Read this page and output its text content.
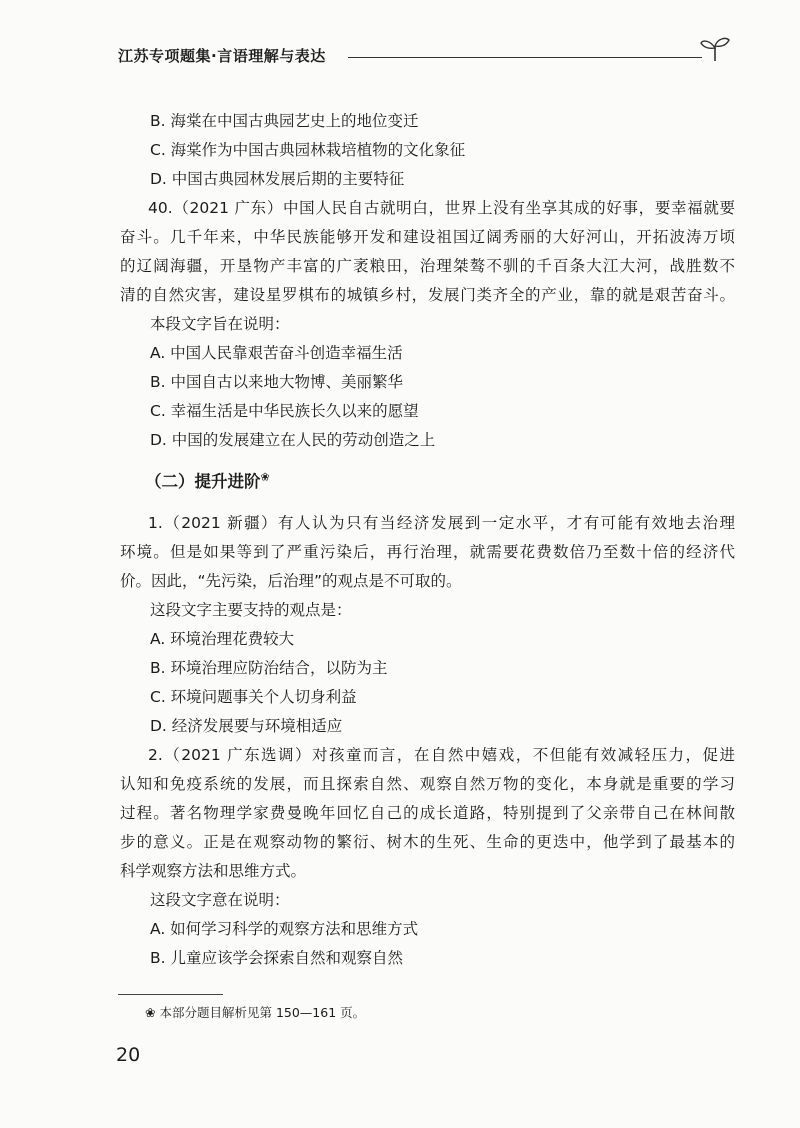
江苏专项题集·言语理解与表达
B. 海棠在中国古典园艺史上的地位变迁
C. 海棠作为中国古典园林栽培植物的文化象征
D. 中国古典园林发展后期的主要特征
40.（2021 广东）中国人民自古就明白，世界上没有坐享其成的好事，要幸福就要
奋斗。几千年来，中华民族能够开发和建设祖国辽阔秀丽的大好河山，开拓波涛万顷
的辽阔海疆，开垦物产丰富的广袤粮田，治理桀骜不驯的千百条大江大河，战胜数不
清的自然灾害，建设星罗棋布的城镇乡村，发展门类齐全的产业，靠的就是艰苦奋斗。
本段文字旨在说明：
A. 中国人民靠艰苦奋斗创造幸福生活
B. 中国自古以来地大物博、美丽繁华
C. 幸福生活是中华民族长久以来的愿望
D. 中国的发展建立在人民的劳动创造之上
1.（2021 新疆）有人认为只有当经济发展到一定水平，才有可能有效地去治理
环境。但是如果等到了严重污染后，再行治理，就需要花费数倍乃至数十倍的经济代
价。因此，“先污染，后治理”的观点是不可取的。
这段文字主要支持的观点是：
A. 环境治理花费较大
B. 环境治理应防治结合，以防为主
C. 环境问题事关个人切身利益
D. 经济发展要与环境相适应
2.（2021 广东选调）对孩童而言，在自然中嬉戏，不但能有效减轻压力，促进
认知和免疫系统的发展，而且探索自然、观察自然万物的变化，本身就是重要的学习
过程。著名物理学家费曼晚年回忆自己的成长道路，特别提到了父亲带自己在林间散
步的意义。正是在观察动物的繁衍、树木的生死、生命的更迭中，他学到了最基本的
科学观察方法和思维方式。
这段文字意在说明：
A. 如何学习科学的观察方法和思维方式
B. 儿童应该学会探索自然和观察自然
（二）提升进阶❀
❀ 本部分题目解析见第 150—161 页。
20
